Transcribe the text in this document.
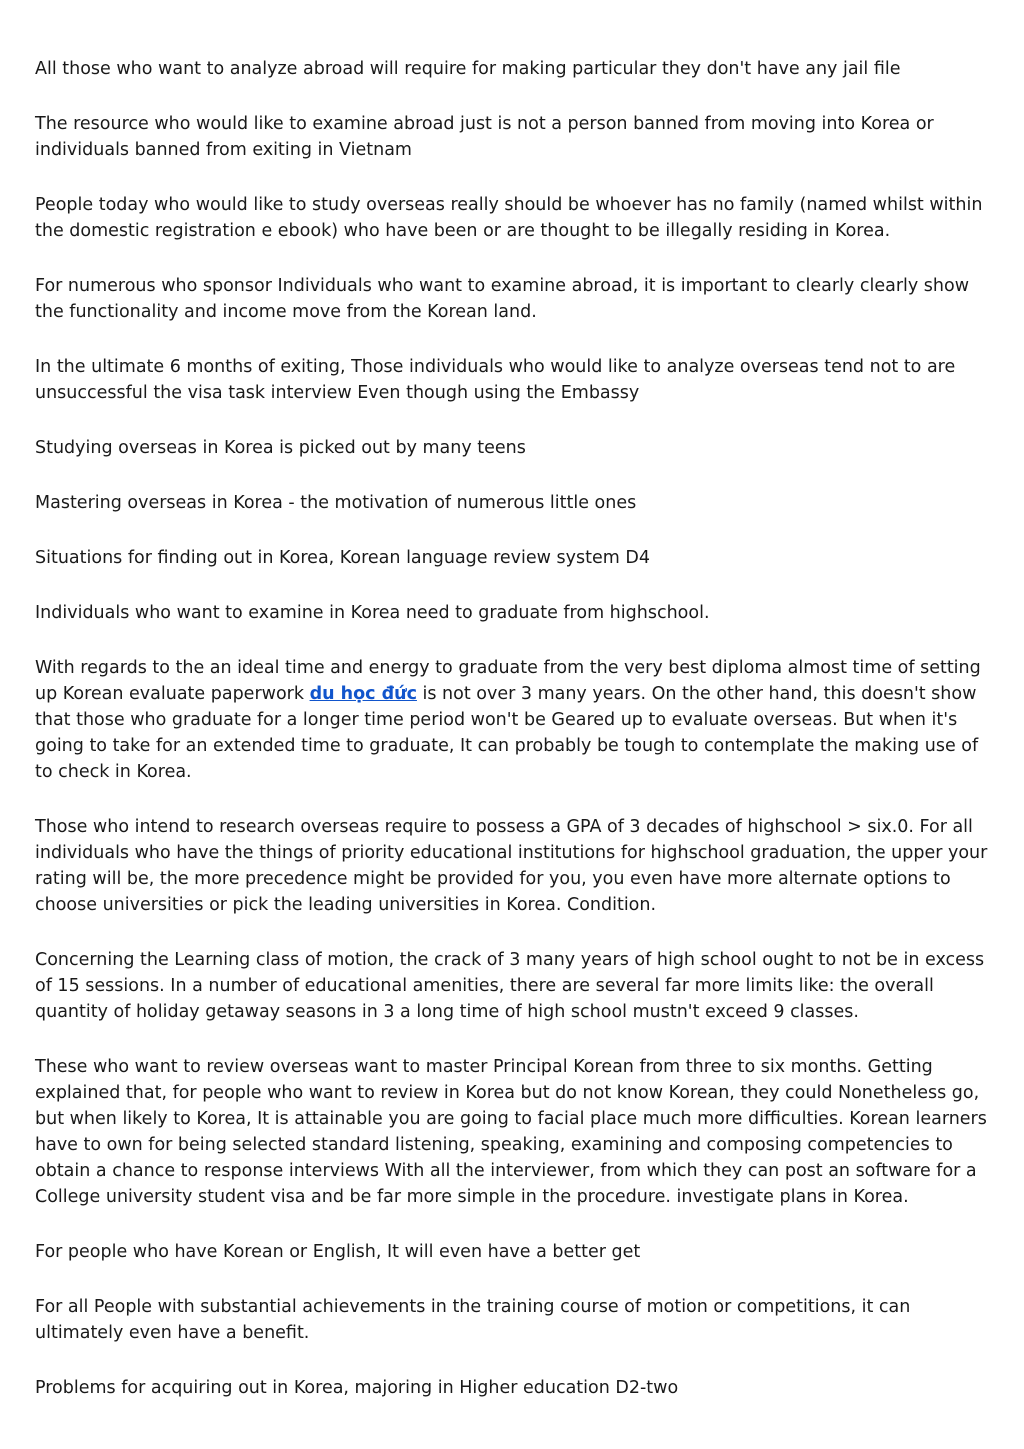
All those who want to analyze abroad will require for making particular they don't have any jail file

The resource who would like to examine abroad just is not a person banned from moving into Korea or individuals banned from exiting in Vietnam

People today who would like to study overseas really should be whoever has no family (named whilst within the domestic registration e ebook) who have been or are thought to be illegally residing in Korea.

For numerous who sponsor Individuals who want to examine abroad, it is important to clearly clearly show the functionality and income move from the Korean land.

In the ultimate 6 months of exiting, Those individuals who would like to analyze overseas tend not to are unsuccessful the visa task interview Even though using the Embassy

Studying overseas in Korea is picked out by many teens

Mastering overseas in Korea - the motivation of numerous little ones

Situations for finding out in Korea, Korean language review system D4

Individuals who want to examine in Korea need to graduate from highschool.

With regards to the an ideal time and energy to graduate from the very best diploma almost time of setting up Korean evaluate paperwork du học đức is not over 3 many years. On the other hand, this doesn't show that those who graduate for a longer time period won't be Geared up to evaluate overseas. But when it's going to take for an extended time to graduate, It can probably be tough to contemplate the making use of to check in Korea.

Those who intend to research overseas require to possess a GPA of 3 decades of highschool > six.0. For all individuals who have the things of priority educational institutions for highschool graduation, the upper your rating will be, the more precedence might be provided for you, you even have more alternate options to choose universities or pick the leading universities in Korea. Condition.

Concerning the Learning class of motion, the crack of 3 many years of high school ought to not be in excess of 15 sessions. In a number of educational amenities, there are several far more limits like: the overall quantity of holiday getaway seasons in 3 a long time of high school mustn't exceed 9 classes.

These who want to review overseas want to master Principal Korean from three to six months. Getting explained that, for people who want to review in Korea but do not know Korean, they could Nonetheless go, but when likely to Korea, It is attainable you are going to facial place much more difficulties. Korean learners have to own for being selected standard listening, speaking, examining and composing competencies to obtain a chance to response interviews With all the interviewer, from which they can post an software for a College university student visa and be far more simple in the procedure. investigate plans in Korea.

For people who have Korean or English, It will even have a better get

For all People with substantial achievements in the training course of motion or competitions, it can ultimately even have a benefit.

Problems for acquiring out in Korea, majoring in Higher education D2-two
